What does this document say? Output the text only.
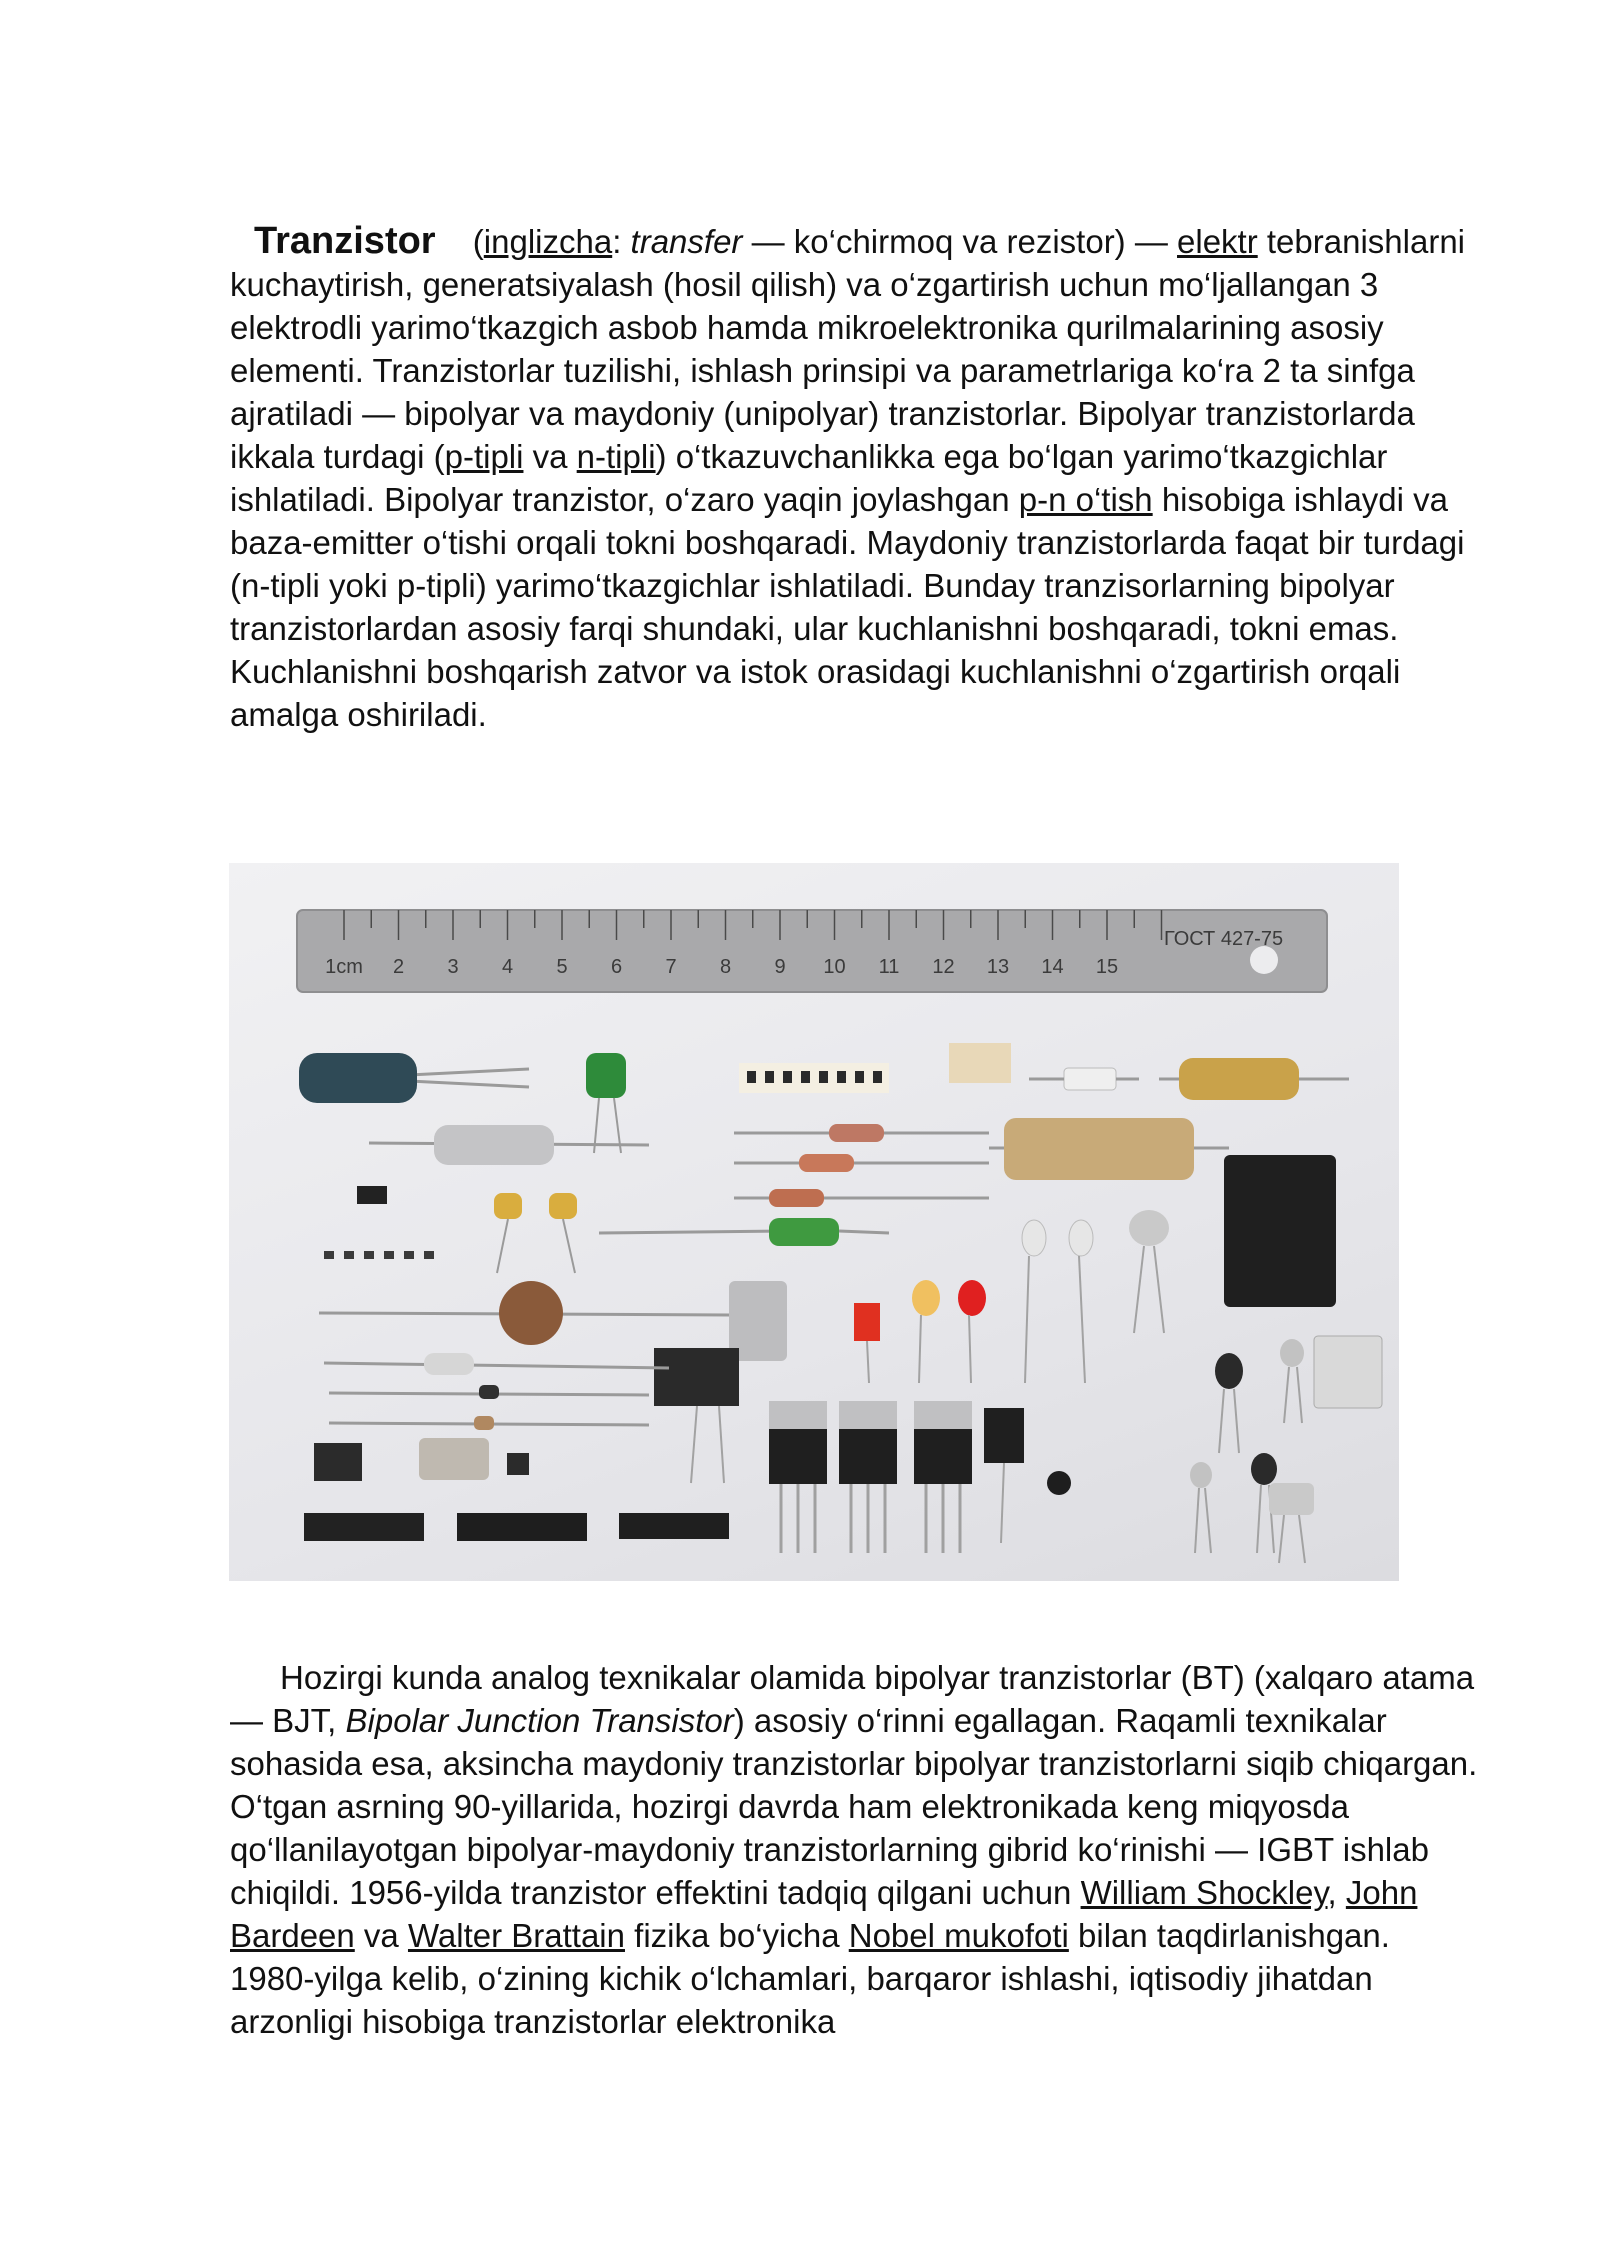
Tranzistor (inglizcha: transfer — ko‘chirmoq va rezistor) — elektr tebranishlarni kuchaytirish, generatsiyalash (hosil qilish) va o‘zgartirish uchun mo‘ljallangan 3 elektrodli yarimo‘tkazgich asbob hamda mikroelektronika qurilmalarining asosiy elementi. Tranzistorlar tuzilishi, ishlash prinsipi va parametrlariga ko‘ra 2 ta sinfga ajratiladi — bipolyar va maydoniy (unipolyar) tranzistorlar. Bipolyar tranzistorlarda ikkala turdagi (p-tipli va n-tipli) o‘tkazuvchanlikka ega bo‘lgan yarimo‘tkazgichlar ishlatiladi. Bipolyar tranzistor, o‘zaro yaqin joylashgan p-n o‘tish hisobiga ishlaydi va baza-emitter o‘tishi orqali tokni boshqaradi. Maydoniy tranzistorlarda faqat bir turdagi (n-tipli yoki p-tipli) yarimo‘tkazgichlar ishlatiladi. Bunday tranzisorlarning bipolyar tranzistorlardan asosiy farqi shundaki, ular kuchlanishni boshqaradi, tokni emas. Kuchlanishni boshqarish zatvor va istok orasidagi kuchlanishni o‘zgartirish orqali amalga oshiriladi.

1cm 2 3 4 5 6 7 8 9 10 11 12 13 14 15
ГОСТ 427-75

Hozirgi kunda analog texnikalar olamida bipolyar tranzistorlar (BT) (xalqaro atama — BJT, Bipolar Junction Transistor) asosiy o‘rinni egallagan. Raqamli texnikalar sohasida esa, aksincha maydoniy tranzistorlar bipolyar tranzistorlarni siqib chiqargan. O‘tgan asrning 90-yillarida, hozirgi davrda ham elektronikada keng miqyosda qo‘llanilayotgan bipolyar-maydoniy tranzistorlarning gibrid ko‘rinishi — IGBT ishlab chiqildi. 1956-yilda tranzistor effektini tadqiq qilgani uchun William Shockley, John Bardeen va Walter Brattain fizika bo‘yicha Nobel mukofoti bilan taqdirlanishgan. 1980-yilga kelib, o‘zining kichik o‘lchamlari, barqaror ishlashi, iqtisodiy jihatdan arzonligi hisobiga tranzistorlar elektronika
